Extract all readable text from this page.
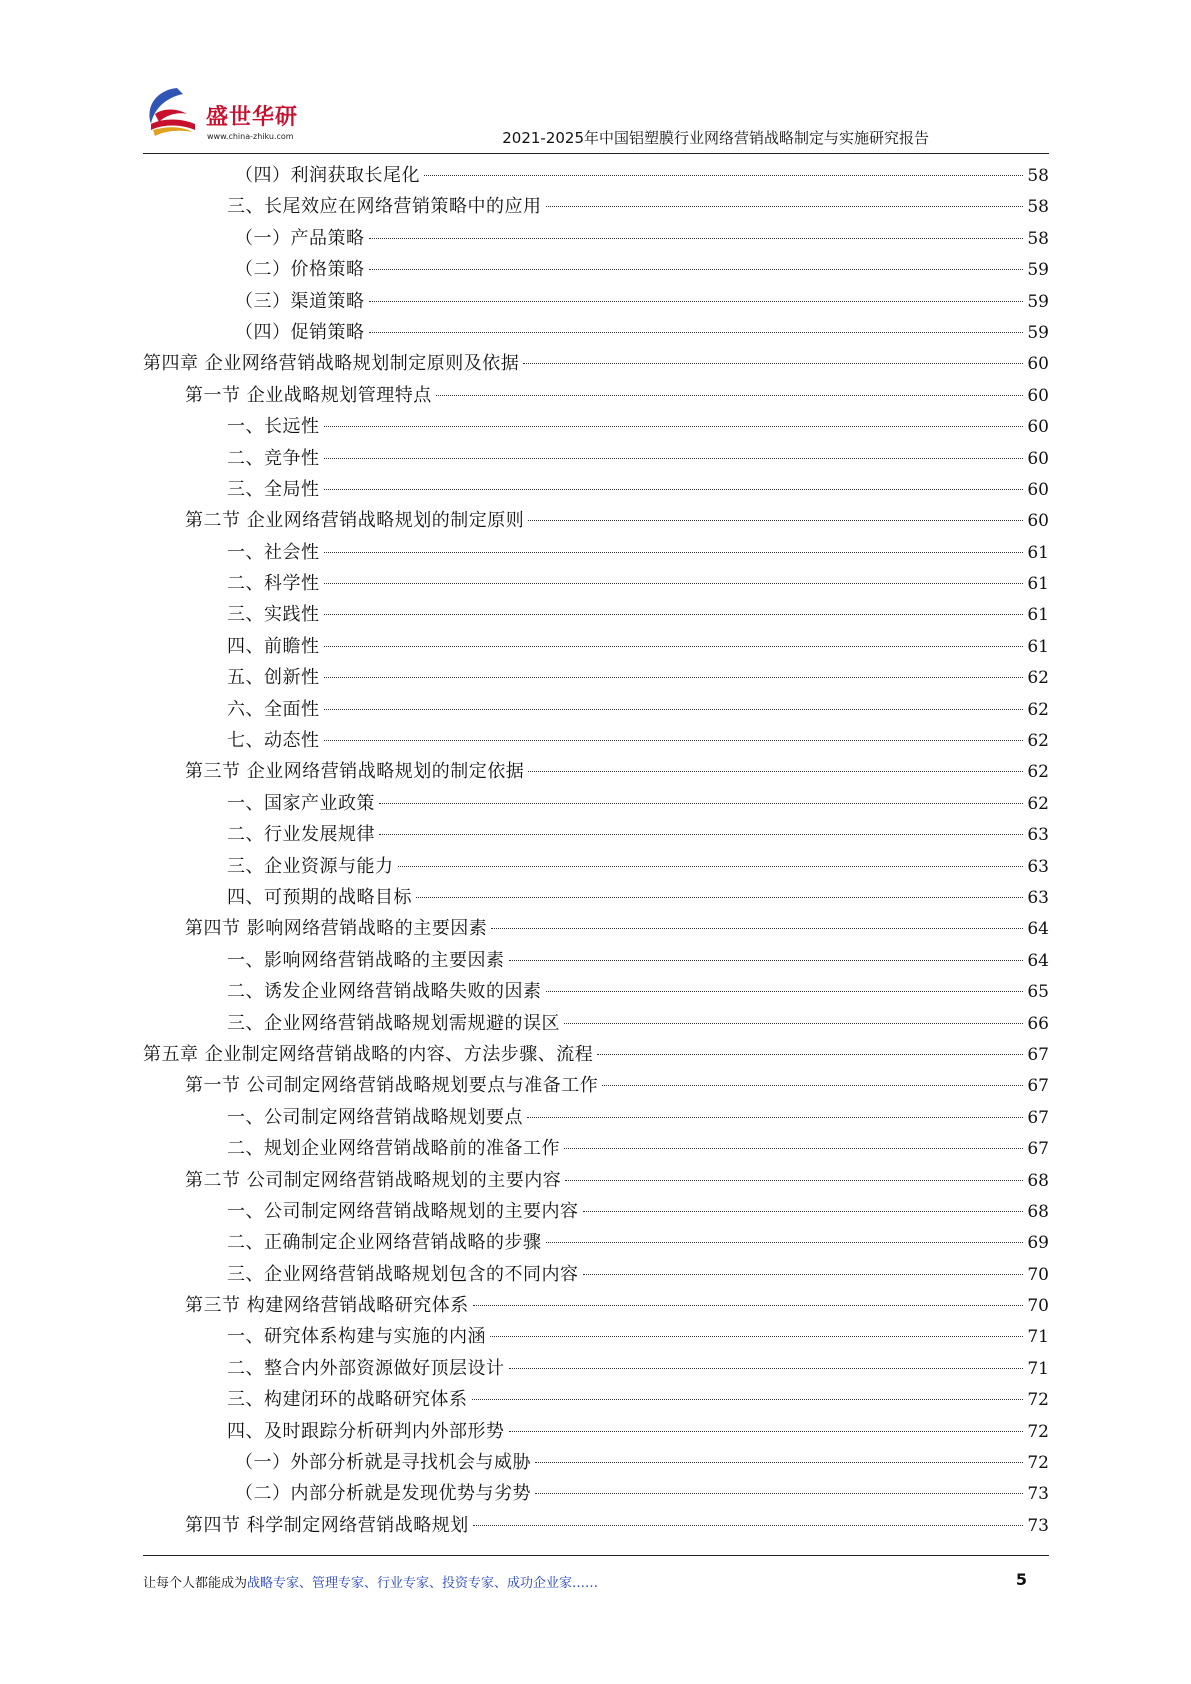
盛世华研
www.china-zhiku.com	2021-2025年中国铝塑膜行业网络营销战略制定与实施研究报告
（四）利润获取长尾化	58
三、长尾效应在网络营销策略中的应用	58
（一）产品策略	58
（二）价格策略	59
（三）渠道策略	59
（四）促销策略	59
第四章 企业网络营销战略规划制定原则及依据	60
第一节 企业战略规划管理特点	60
一、长远性	60
二、竞争性	60
三、全局性	60
第二节 企业网络营销战略规划的制定原则	60
一、社会性	61
二、科学性	61
三、实践性	61
四、前瞻性	61
五、创新性	62
六、全面性	62
七、动态性	62
第三节 企业网络营销战略规划的制定依据	62
一、国家产业政策	62
二、行业发展规律	63
三、企业资源与能力	63
四、可预期的战略目标	63
第四节 影响网络营销战略的主要因素	64
一、影响网络营销战略的主要因素	64
二、诱发企业网络营销战略失败的因素	65
三、企业网络营销战略规划需规避的误区	66
第五章 企业制定网络营销战略的内容、方法步骤、流程	67
第一节 公司制定网络营销战略规划要点与准备工作	67
一、公司制定网络营销战略规划要点	67
二、规划企业网络营销战略前的准备工作	67
第二节 公司制定网络营销战略规划的主要内容	68
一、公司制定网络营销战略规划的主要内容	68
二、正确制定企业网络营销战略的步骤	69
三、企业网络营销战略规划包含的不同内容	70
第三节 构建网络营销战略研究体系	70
一、研究体系构建与实施的内涵	71
二、整合内外部资源做好顶层设计	71
三、构建闭环的战略研究体系	72
四、及时跟踪分析研判内外部形势	72
（一）外部分析就是寻找机会与威胁	72
（二）内部分析就是发现优势与劣势	73
第四节 科学制定网络营销战略规划	73
让每个人都能成为战略专家、管理专家、行业专家、投资专家、成功企业家……	5
